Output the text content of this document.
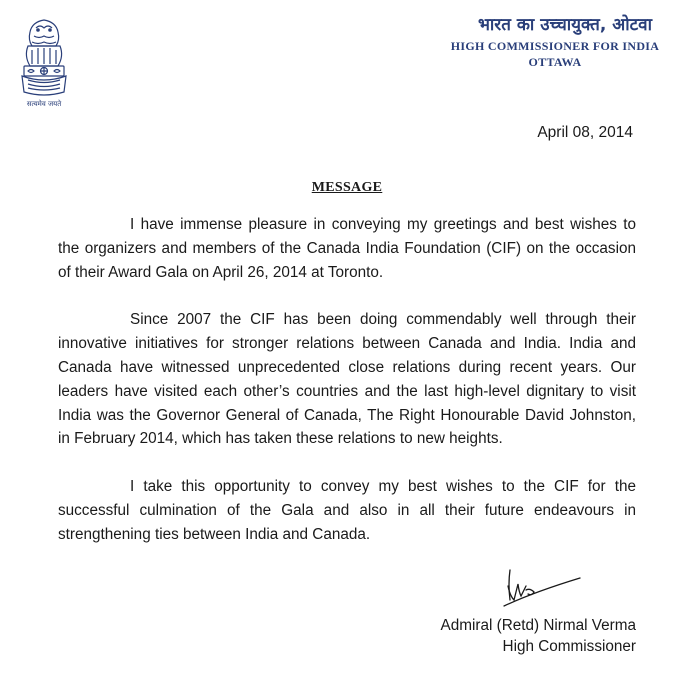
सत्यमेव जयते
भारत का उच्चायुक्त, ओटवा
HIGH COMMISSIONER FOR INDIA
OTTAWA
April 08, 2014
MESSAGE

I have immense pleasure in conveying my greetings and best wishes to the organizers and members of the Canada India Foundation (CIF) on the occasion of their Award Gala on April 26, 2014 at Toronto.

Since 2007 the CIF has been doing commendably well through their innovative initiatives for stronger relations between Canada and India. India and Canada have witnessed unprecedented close relations during recent years. Our leaders have visited each other’s countries and the last high-level dignitary to visit India was the Governor General of Canada, The Right Honourable David Johnston, in February 2014, which has taken these relations to new heights.

I take this opportunity to convey my best wishes to the CIF for the successful culmination of the Gala and also in all their future endeavours in strengthening ties between India and Canada.

Admiral (Retd) Nirmal Verma
High Commissioner
